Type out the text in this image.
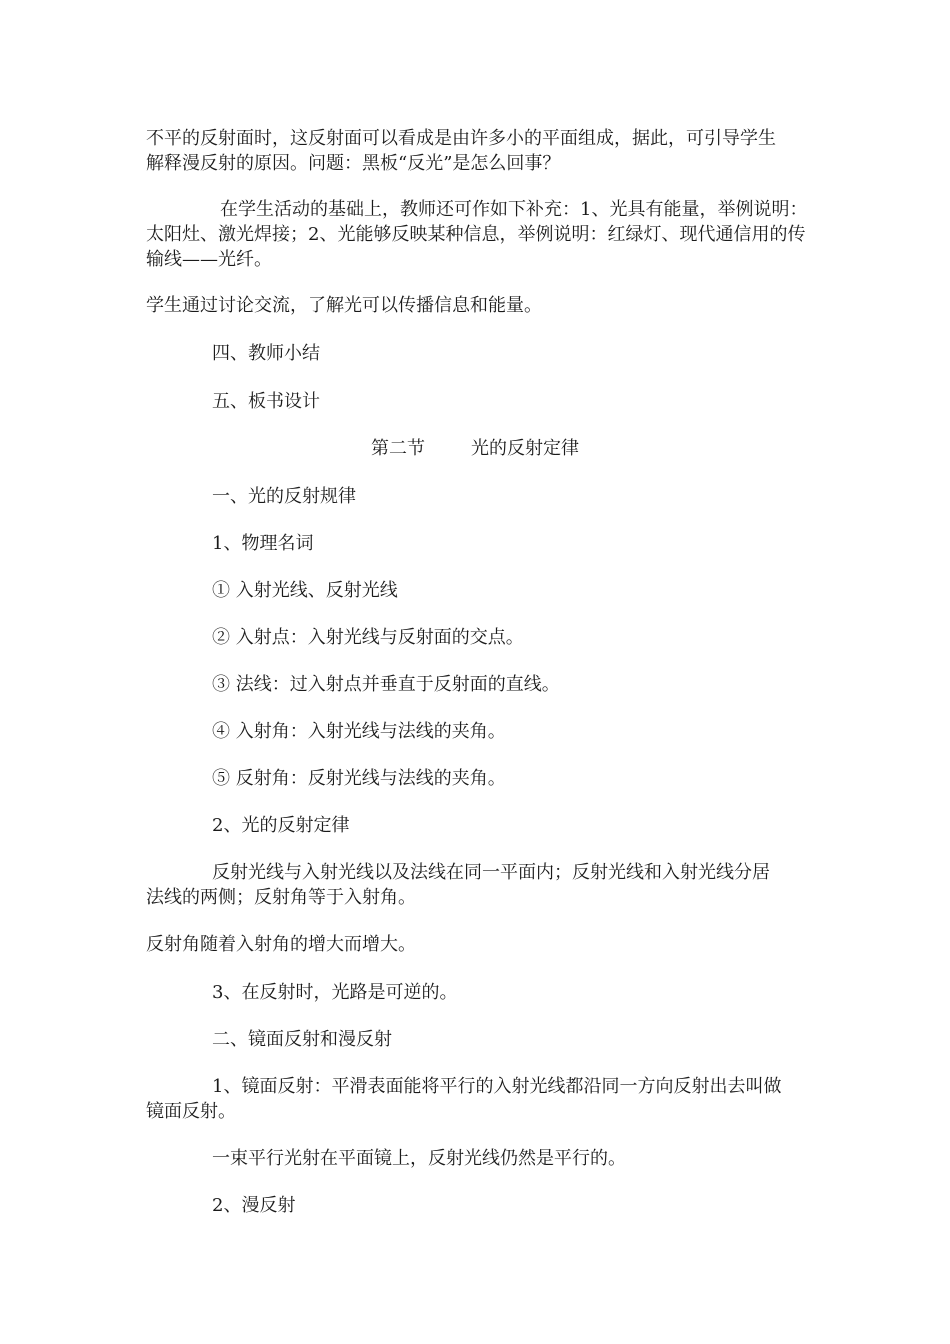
不平的反射面时，这反射面可以看成是由许多小的平面组成，据此，可引导学生
解释漫反射的原因。问题：黑板“反光”是怎么回事？

在学生活动的基础上，教师还可作如下补充：1、光具有能量，举例说明：
太阳灶、激光焊接；2、光能够反映某种信息，举例说明：红绿灯、现代通信用的传
输线——光纤。

学生通过讨论交流，了解光可以传播信息和能量。

四、教师小结

五、板书设计

第二节	光的反射定律

一、光的反射规律

1、物理名词

① 入射光线、反射光线

② 入射点：入射光线与反射面的交点。

③ 法线：过入射点并垂直于反射面的直线。

④ 入射角：入射光线与法线的夹角。

⑤ 反射角：反射光线与法线的夹角。

2、光的反射定律

反射光线与入射光线以及法线在同一平面内；反射光线和入射光线分居
法线的两侧；反射角等于入射角。

反射角随着入射角的增大而增大。

3、在反射时，光路是可逆的。

二、镜面反射和漫反射

1、镜面反射：平滑表面能将平行的入射光线都沿同一方向反射出去叫做
镜面反射。

一束平行光射在平面镜上，反射光线仍然是平行的。

2、漫反射
